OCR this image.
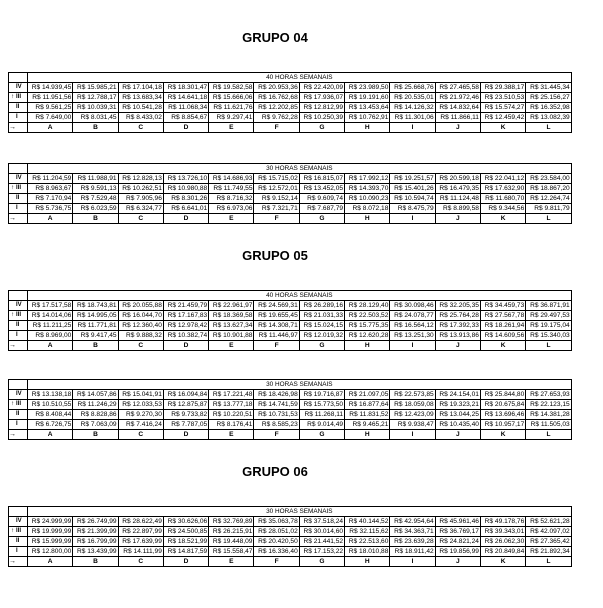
GRUPO 04
	40 HORAS SEMANAIS											
IV	R$ 14.939,45	R$ 15.985,21	R$ 17.104,18	R$ 18.301,47	R$ 19.582,58	R$ 20.953,36	R$ 22.420,09	R$ 23.989,50	R$ 25.668,76	R$ 27.465,58	R$ 29.388,17	R$ 31.445,34
↑ III	R$ 11.951,56	R$ 12.788,17	R$ 13.683,34	R$ 14.641,18	R$ 15.666,06	R$ 16.762,68	R$ 17.936,07	R$ 19.191,60	R$ 20.535,01	R$ 21.972,46	R$ 23.510,53	R$ 25.156,27
II	R$ 9.561,25	R$ 10.039,31	R$ 10.541,28	R$ 11.068,34	R$ 11.621,76	R$ 12.202,85	R$ 12.812,99	R$ 13.453,64	R$ 14.126,32	R$ 14.832,64	R$ 15.574,27	R$ 16.352,98
I	R$ 7.649,00	R$ 8.031,45	R$ 8.433,02	R$ 8.854,67	R$ 9.297,41	R$ 9.762,28	R$ 10.250,39	R$ 10.762,91	R$ 11.301,06	R$ 11.866,11	R$ 12.459,42	R$ 13.082,39
→	A	B	C	D	E	F	G	H	I	J	K	L
	30 HORAS SEMANAIS											
IV	R$ 11.204,59	R$ 11.988,91	R$ 12.828,13	R$ 13.726,10	R$ 14.686,93	R$ 15.715,02	R$ 16.815,07	R$ 17.992,12	R$ 19.251,57	R$ 20.599,18	R$ 22.041,12	R$ 23.584,00
↑ III	R$ 8.963,67	R$ 9.591,13	R$ 10.262,51	R$ 10.980,88	R$ 11.749,55	R$ 12.572,01	R$ 13.452,05	R$ 14.393,70	R$ 15.401,26	R$ 16.479,35	R$ 17.632,90	R$ 18.867,20
II	R$ 7.170,94	R$ 7.529,48	R$ 7.905,96	R$ 8.301,26	R$ 8.716,32	R$ 9.152,14	R$ 9.609,74	R$ 10.090,23	R$ 10.594,74	R$ 11.124,48	R$ 11.680,70	R$ 12.264,74
I	R$ 5.736,75	R$ 6.023,59	R$ 6.324,77	R$ 6.641,01	R$ 6.973,06	R$ 7.321,71	R$ 7.687,79	R$ 8.072,18	R$ 8.475,79	R$ 8.899,58	R$ 9.344,56	R$ 9.811,79
→	A	B	C	D	E	F	G	H	I	J	K	L
GRUPO 05
	40 HORAS SEMANAIS											
IV	R$ 17.517,58	R$ 18.743,81	R$ 20.055,88	R$ 21.459,79	R$ 22.961,97	R$ 24.569,31	R$ 26.289,16	R$ 28.129,40	R$ 30.098,46	R$ 32.205,35	R$ 34.459,73	R$ 36.871,91
↑ III	R$ 14.014,06	R$ 14.995,05	R$ 16.044,70	R$ 17.167,83	R$ 18.369,58	R$ 19.655,45	R$ 21.031,33	R$ 22.503,52	R$ 24.078,77	R$ 25.764,28	R$ 27.567,78	R$ 29.497,53
II	R$ 11.211,25	R$ 11.771,81	R$ 12.360,40	R$ 12.978,42	R$ 13.627,34	R$ 14.308,71	R$ 15.024,15	R$ 15.775,35	R$ 16.564,12	R$ 17.392,33	R$ 18.261,94	R$ 19.175,04
I	R$ 8.969,00	R$ 9.417,45	R$ 9.888,32	R$ 10.382,74	R$ 10.901,88	R$ 11.446,97	R$ 12.019,32	R$ 12.620,28	R$ 13.251,30	R$ 13.913,86	R$ 14.609,56	R$ 15.340,03
→	A	B	C	D	E	F	G	H	I	J	K	L
	30 HORAS SEMANAIS											
IV	R$ 13.138,18	R$ 14.057,86	R$ 15.041,91	R$ 16.094,84	R$ 17.221,48	R$ 18.426,98	R$ 19.716,87	R$ 21.097,05	R$ 22.573,85	R$ 24.154,01	R$ 25.844,80	R$ 27.653,93
↑ III	R$ 10.510,55	R$ 11.246,29	R$ 12.033,53	R$ 12.875,87	R$ 13.777,18	R$ 14.741,59	R$ 15.773,50	R$ 16.877,64	R$ 18.059,08	R$ 19.323,21	R$ 20.675,84	R$ 22.123,15
II	R$ 8.408,44	R$ 8.828,86	R$ 9.270,30	R$ 9.733,82	R$ 10.220,51	R$ 10.731,53	R$ 11.268,11	R$ 11.831,52	R$ 12.423,09	R$ 13.044,25	R$ 13.696,46	R$ 14.381,28
I	R$ 6.726,75	R$ 7.063,09	R$ 7.416,24	R$ 7.787,05	R$ 8.176,41	R$ 8.585,23	R$ 9.014,49	R$ 9.465,21	R$ 9.938,47	R$ 10.435,40	R$ 10.957,17	R$ 11.505,03
→	A	B	C	D	E	F	G	H	I	J	K	L
GRUPO 06
	30 HORAS SEMANAIS											
IV	R$ 24.999,99	R$ 26.749,99	R$ 28.622,49	R$ 30.626,06	R$ 32.769,89	R$ 35.063,78	R$ 37.518,24	R$ 40.144,52	R$ 42.954,64	R$ 45.961,46	R$ 49.178,76	R$ 52.621,28
↑ III	R$ 19.999,99	R$ 21.399,99	R$ 22.897,99	R$ 24.500,85	R$ 26.215,91	R$ 28.051,02	R$ 30.014,60	R$ 32.115,62	R$ 34.363,71	R$ 36.769,17	R$ 39.343,01	R$ 42.097,02
II	R$ 15.999,99	R$ 16.799,99	R$ 17.639,99	R$ 18.521,99	R$ 19.448,09	R$ 20.420,50	R$ 21.441,52	R$ 22.513,60	R$ 23.639,28	R$ 24.821,24	R$ 26.062,30	R$ 27.365,42
I	R$ 12.800,00	R$ 13.439,99	R$ 14.111,99	R$ 14.817,59	R$ 15.558,47	R$ 16.336,40	R$ 17.153,22	R$ 18.010,88	R$ 18.911,42	R$ 19.856,99	R$ 20.849,84	R$ 21.892,34
→	A	B	C	D	E	F	G	H	I	J	K	L
